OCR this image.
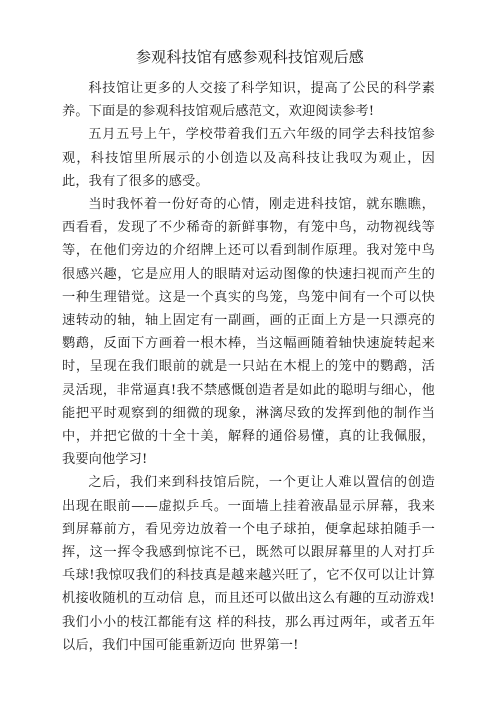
参观科技馆有感参观科技馆观后感

科技馆让更多的人交接了科学知识，提高了公民的科学素养。下面是的参观科技馆观后感范文，欢迎阅读参考!

五月五号上午，学校带着我们五六年级的同学去科技馆参观，科技馆里所展示的小创造以及高科技让我叹为观止，因此，我有了很多的感受。

当时我怀着一份好奇的心情，刚走进科技馆，就东瞧瞧，西看看，发现了不少稀奇的新鲜事物，有笼中鸟，动物视线等等，在他们旁边的介绍牌上还可以看到制作原理。我对笼中鸟很感兴趣，它是应用人的眼睛对运动图像的快速扫视而产生的一种生理错觉。这是一个真实的鸟笼，鸟笼中间有一个可以快速转动的轴，轴上固定有一副画，画的正面上方是一只漂亮的鹦鹉，反面下方画着一根木棒，当这幅画随着轴快速旋转起来时，呈现在我们眼前的就是一只站在木棍上的笼中的鹦鹉，活灵活现，非常逼真!我不禁感慨创造者是如此的聪明与细心，他能把平时观察到的细微的现象，淋漓尽致的发挥到他的制作当中，并把它做的十全十美，解释的通俗易懂，真的让我佩服，我要向他学习!

之后，我们来到科技馆后院，一个更让人难以置信的创造出现在眼前——虚拟乒乓。一面墙上挂着液晶显示屏幕，我来到屏幕前方，看见旁边放着一个电子球拍，便拿起球拍随手一挥，这一挥令我感到惊诧不已，既然可以跟屏幕里的人对打乒乓球!我惊叹我们的科技真是越来越兴旺了，它不仅可以让计算机接收随机的互动信 息，而且还可以做出这么有趣的互动游戏!我们小小的枝江都能有这 样的科技，那么再过两年，或者五年以后，我们中国可能重新迈向 世界第一!
